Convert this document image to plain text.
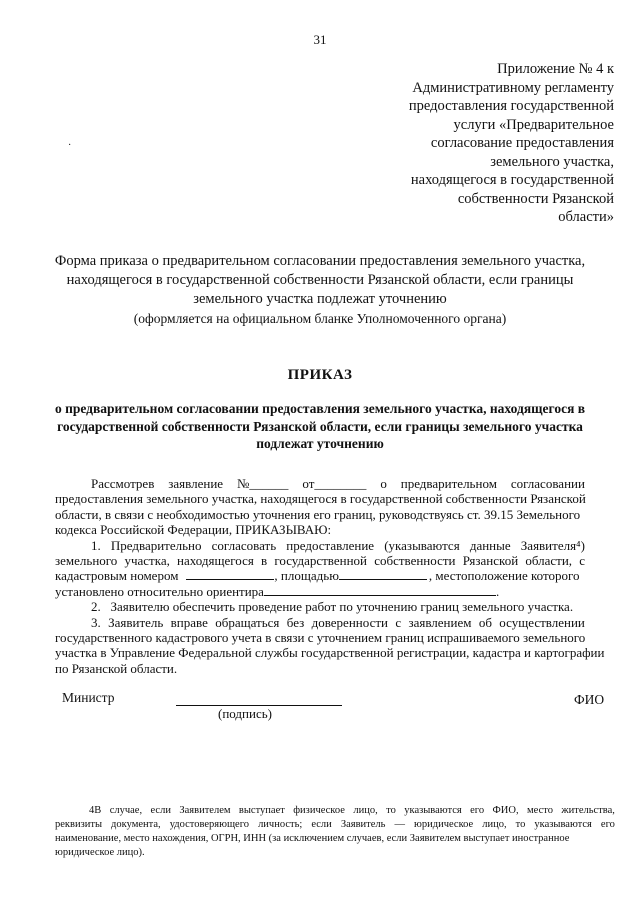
31
Приложение № 4 к
Административному регламенту
предоставления государственной
услуги «Предварительное
согласование предоставления
земельного участка,
находящегося в государственной
собственности Рязанской
области»
·
Форма приказа о предварительном согласовании предоставления земельного участка,
находящегося в государственной собственности Рязанской области, если границы
земельного участка подлежат уточнению
(оформляется на официальном бланке Уполномоченного органа)
ПРИКАЗ
о предварительном согласовании предоставления земельного участка, находящегося в
государственной собственности Рязанской области, если границы земельного участка
подлежат уточнению
Рассмотрев заявление №______ от________ о предварительном согласовании
предоставления земельного участка, находящегося в государственной собственности Рязанской
области, в связи с необходимостью уточнения его границ, руководствуясь ст. 39.15 Земельного
кодекса Российской Федерации, ПРИКАЗЫВАЮ:
1. Предварительно согласовать предоставление (указываются данные Заявителя⁴)
земельного участка, находящегося в государственной собственности Рязанской области, с
кадастровым номером	, площадью	, местоположение которого
установлено относительно ориентира	.
2.   Заявителю обеспечить проведение работ по уточнению границ земельного участка.
3. Заявитель вправе обращаться без доверенности с заявлением об осуществлении
государственного кадастрового учета в связи с уточнением границ испрашиваемого земельного
участка в Управление Федеральной службы государственной регистрации, кадастра и картографии
по Рязанской области.
Министр
(подпись)
ФИО
4В случае, если Заявителем выступает физическое лицо, то указываются его ФИО, место жительства,
реквизиты документа, удостоверяющего личность; если Заявитель — юридическое лицо, то указываются его
наименование, место нахождения, ОГРН, ИНН (за исключением случаев, если Заявителем выступает иностранное
юридическое лицо).
